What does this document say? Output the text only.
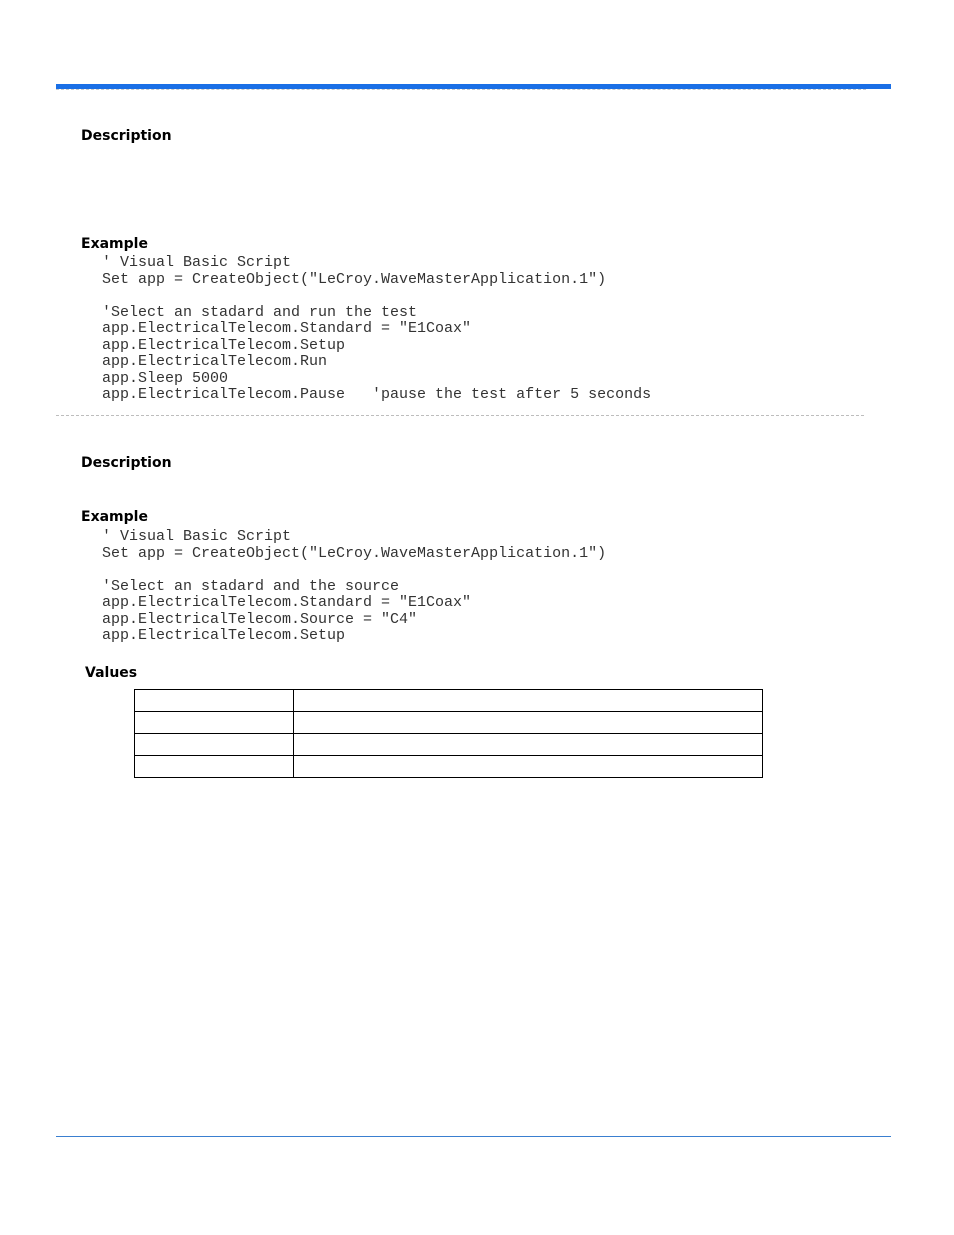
Description
Example
' Visual Basic Script
Set app = CreateObject("LeCroy.WaveMasterApplication.1")
'Select an stadard and run the test
app.ElectricalTelecom.Standard = "E1Coax"
app.ElectricalTelecom.Setup
app.ElectricalTelecom.Run
app.Sleep 5000
app.ElectricalTelecom.Pause   'pause the test after 5 seconds
Description
Example
' Visual Basic Script
Set app = CreateObject("LeCroy.WaveMasterApplication.1")
'Select an stadard and the source
app.ElectricalTelecom.Standard = "E1Coax"
app.ElectricalTelecom.Source = "C4"
app.ElectricalTelecom.Setup
Values
